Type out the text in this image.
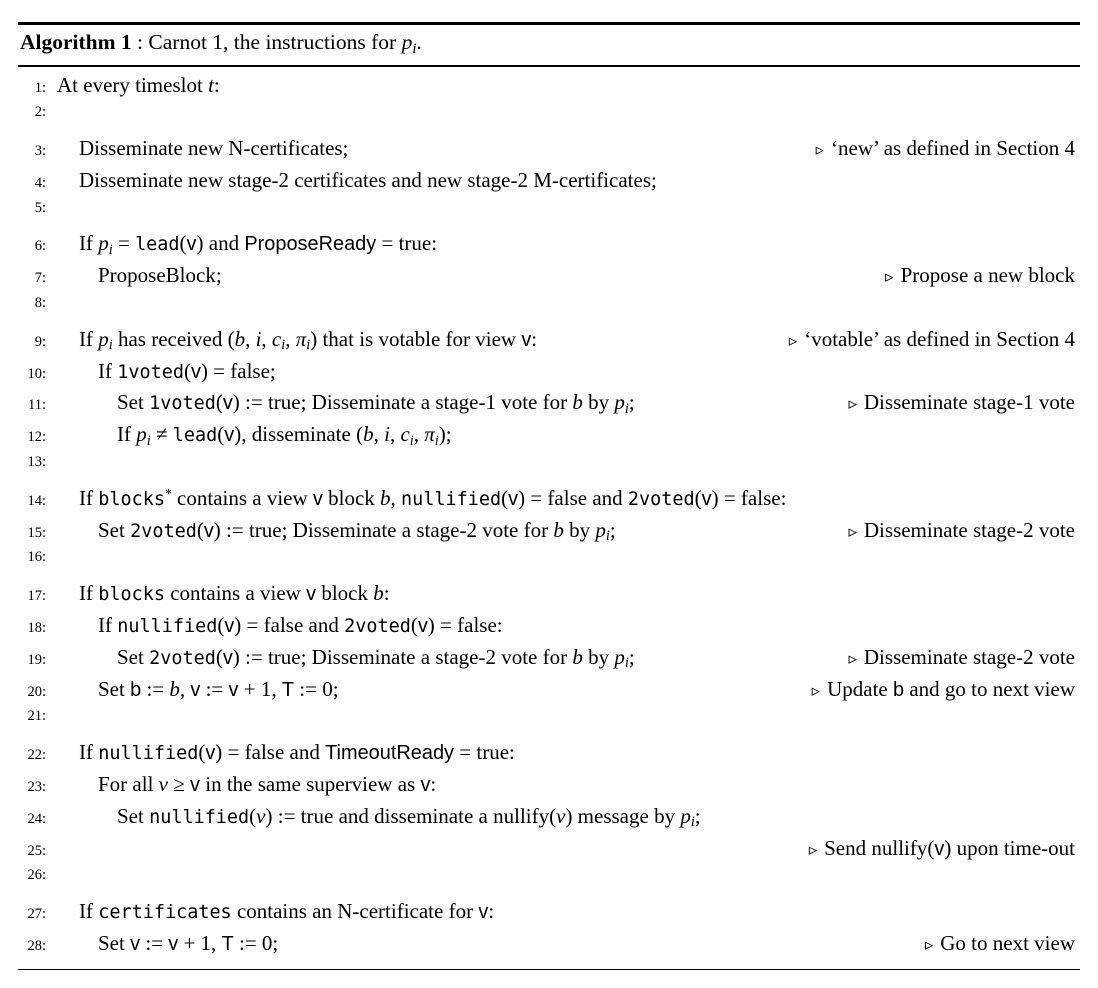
Algorithm 1 : Carnot 1, the instructions for pi.
1: At every timeslot t:
2:
3:	Disseminate new N-certificates;	▹ ‘new’ as defined in Section 4
4:	Disseminate new stage-2 certificates and new stage-2 M-certificates;
5:
6:	If pi = lead(v) and ProposeReady = true:
7:	ProposeBlock;	▹ Propose a new block
8:
9:	If pi has received (b, i, ci, πi) that is votable for view v:	▹ ‘votable’ as defined in Section 4
10:	If 1voted(v) = false;
11:	Set 1voted(v) := true; Disseminate a stage-1 vote for b by pi;	▹ Disseminate stage-1 vote
12:	If pi ≠ lead(v), disseminate (b, i, ci, πi);
13:
14:	If blocks* contains a view v block b, nullified(v) = false and 2voted(v) = false:
15:	Set 2voted(v) := true; Disseminate a stage-2 vote for b by pi;	▹ Disseminate stage-2 vote
16:
17:	If blocks contains a view v block b:
18:	If nullified(v) = false and 2voted(v) = false:
19:	Set 2voted(v) := true; Disseminate a stage-2 vote for b by pi;	▹ Disseminate stage-2 vote
20:	Set b := b, v := v + 1, T := 0;	▹ Update b and go to next view
21:
22:	If nullified(v) = false and TimeoutReady = true:
23:	For all v ≥ v in the same superview as v:
24:	Set nullified(v) := true and disseminate a nullify(v) message by pi;
25:	▹ Send nullify(v) upon time-out
26:
27:	If certificates contains an N-certificate for v:
28:	Set v := v + 1, T := 0;	▹ Go to next view
